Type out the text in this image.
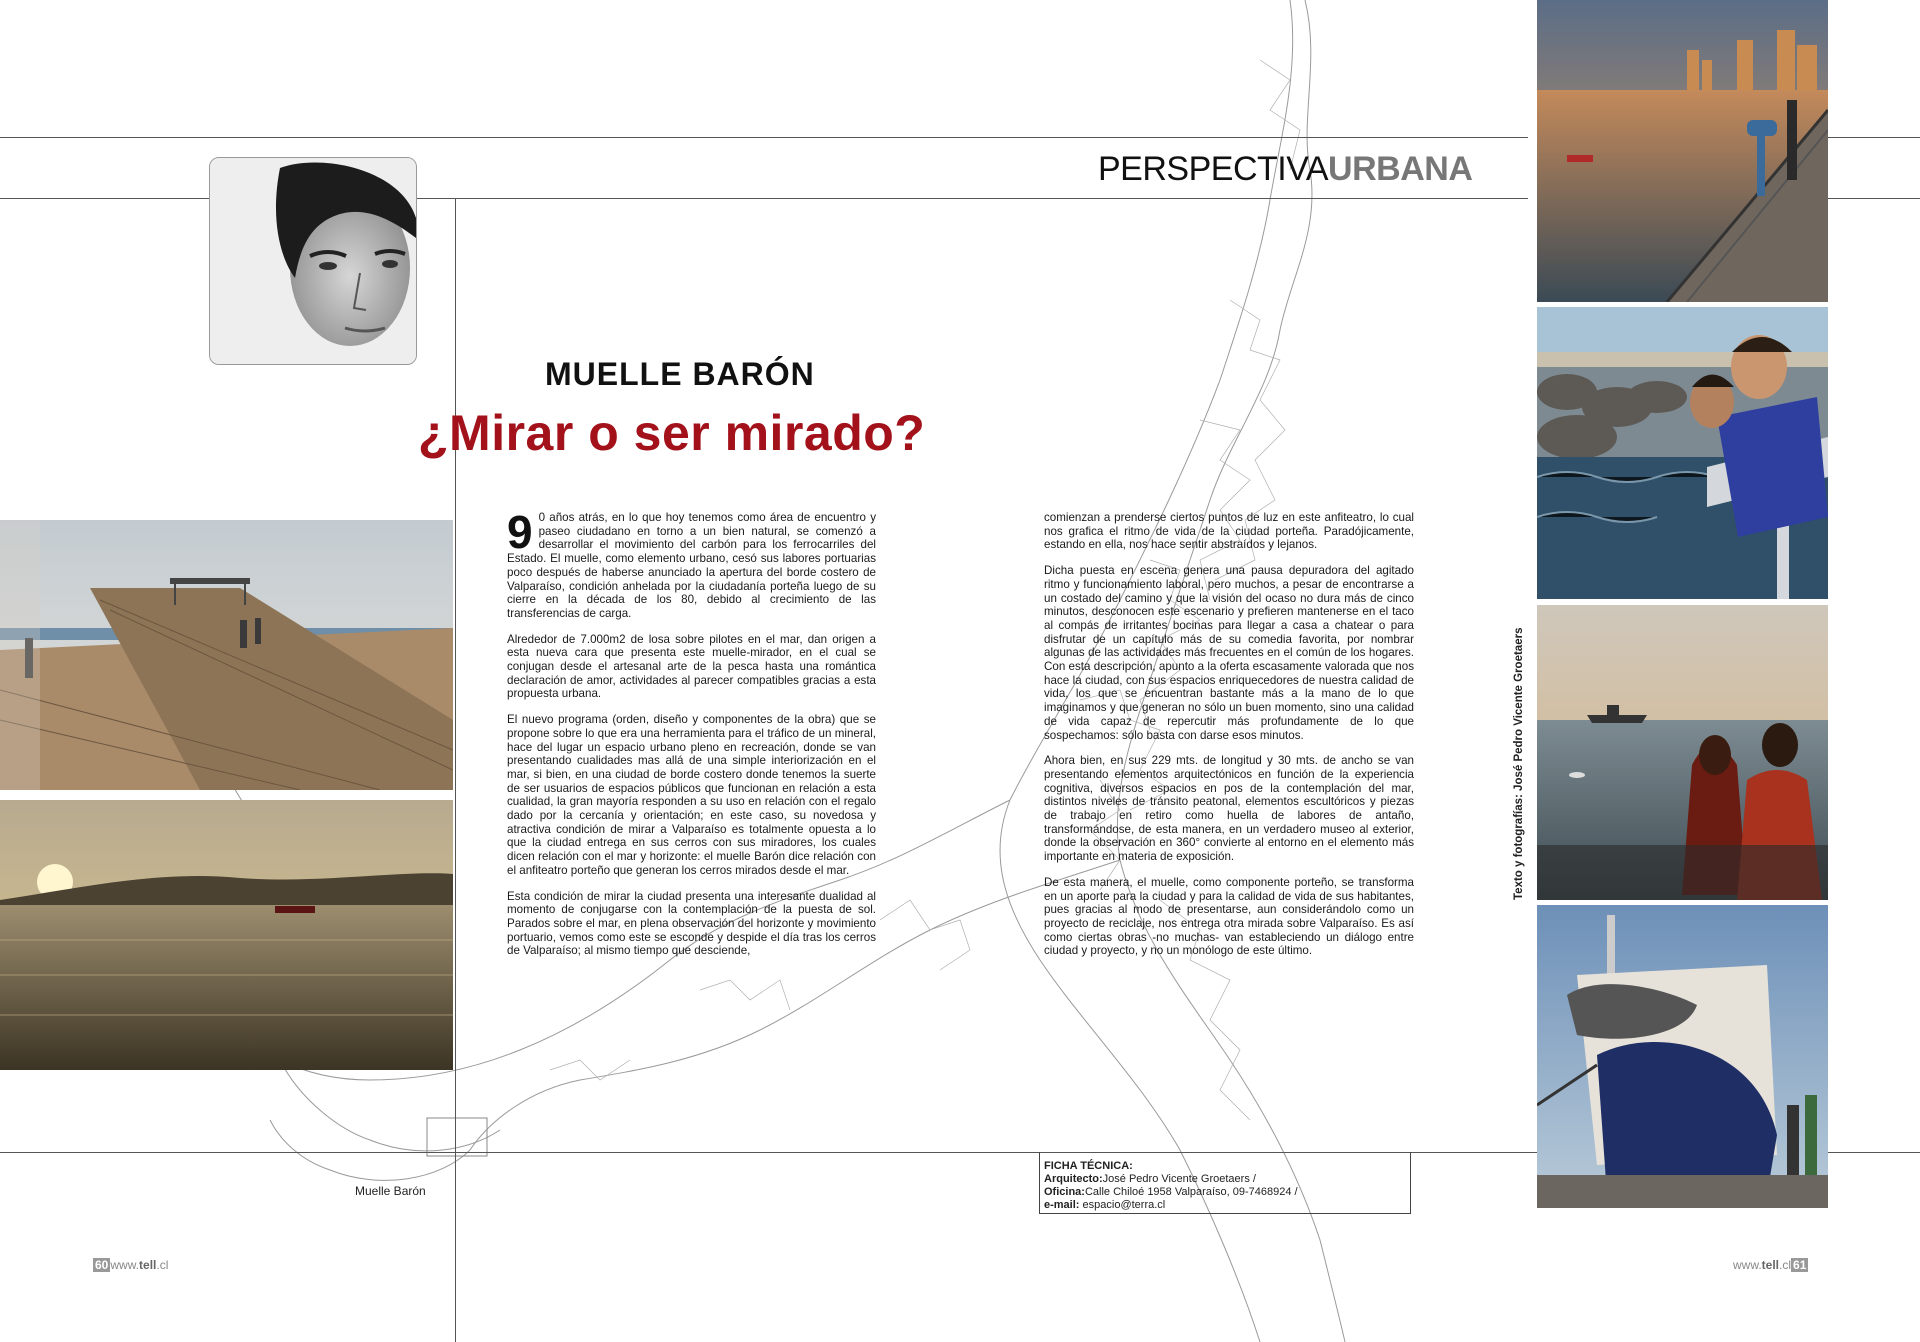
PERSPECTIVAURBANA
MUELLE BARÓN
¿Mirar o ser mirado?
Muelle Barón

9 0 años atrás, en lo que hoy tenemos como área de encuentro y paseo ciudadano en torno a un bien natural, se comenzó a desarrollar el movimiento del carbón para los ferrocarriles del Estado. El muelle, como elemento urbano, cesó sus labores portuarias poco después de haberse anunciado la apertura del borde costero de Valparaíso, condición anhelada por la ciudadanía porteña luego de su cierre en la década de los 80, debido al crecimiento de las transferencias de carga.

Alrededor de 7.000m2 de losa sobre pilotes en el mar, dan origen a esta nueva cara que presenta este muelle-mirador, en el cual se conjugan desde el artesanal arte de la pesca hasta una romántica declaración de amor, actividades al parecer compatibles gracias a esta propuesta urbana.

El nuevo programa (orden, diseño y componentes de la obra) que se propone sobre lo que era una herramienta para el tráfico de un mineral, hace del lugar un espacio urbano pleno en recreación, donde se van presentando cualidades mas allá de una simple interiorización en el mar, si bien, en una ciudad de borde costero donde tenemos la suerte de ser usuarios de espacios públicos que funcionan en relación a esta cualidad, la gran mayoría responden a su uso en relación con el regalo dado por la cercanía y orientación; en este caso, su novedosa y atractiva condición de mirar a Valparaíso es totalmente opuesta a lo que la ciudad entrega en sus cerros con sus miradores, los cuales dicen relación con el mar y horizonte: el muelle Barón dice relación con el anfiteatro porteño que generan los cerros mirados desde el mar.

Esta condición de mirar la ciudad presenta una interesante dualidad al momento de conjugarse con la contemplación de la puesta de sol. Parados sobre el mar, en plena observación del horizonte y movimiento portuario, vemos como este se esconde y despide el día tras los cerros de Valparaíso; al mismo tiempo que desciende,

comienzan a prenderse ciertos puntos de luz en este anfiteatro, lo cual nos grafica el ritmo de vida de la ciudad porteña. Paradójicamente, estando en ella, nos hace sentir abstraídos y lejanos.

Dicha puesta en escena genera una pausa depuradora del agitado ritmo y funcionamiento laboral, pero muchos, a pesar de encontrarse a un costado del camino y que la visión del ocaso no dura más de cinco minutos, desconocen este escenario y prefieren mantenerse en el taco al compás de irritantes bocinas para llegar a casa a chatear o para disfrutar de un capítulo más de su comedia favorita, por nombrar algunas de las actividades más frecuentes en el común de los hogares. Con esta descripción, apunto a la oferta escasamente valorada que nos hace la ciudad, con sus espacios enriquecedores de nuestra calidad de vida, los que se encuentran bastante más a la mano de lo que imaginamos y que generan no sólo un buen momento, sino una calidad de vida capaz de repercutir más profundamente de lo que sospechamos: sólo basta con darse esos minutos.

Ahora bien, en sus 229 mts. de longitud y 30 mts. de ancho se van presentando elementos arquitectónicos en función de la experiencia cognitiva, diversos espacios en pos de la contemplación del mar, distintos niveles de tránsito peatonal, elementos escultóricos y piezas de trabajo en retiro como huella de labores de antaño, transformándose, de esta manera, en un verdadero museo al exterior, donde la observación en 360° convierte al entorno en el elemento más importante en materia de exposición.

De esta manera, el muelle, como componente porteño, se transforma en un aporte para la ciudad y para la calidad de vida de sus habitantes, pues gracias al modo de presentarse, aun considerándolo como un proyecto de reciclaje, nos entrega otra mirada sobre Valparaíso. Es así como ciertas obras -no muchas- van estableciendo un diálogo entre ciudad y proyecto, y no un monólogo de este último.

FICHA TÉCNICA:
Arquitecto:José Pedro Vicente Groetaers /
Oficina:Calle Chiloé 1958 Valparaíso, 09-7468924 /
e-mail: espacio@terra.cl
Texto y fotografías: José Pedro Vicente Groetaers
60 www.tell.cl	www.tell.cl 61
